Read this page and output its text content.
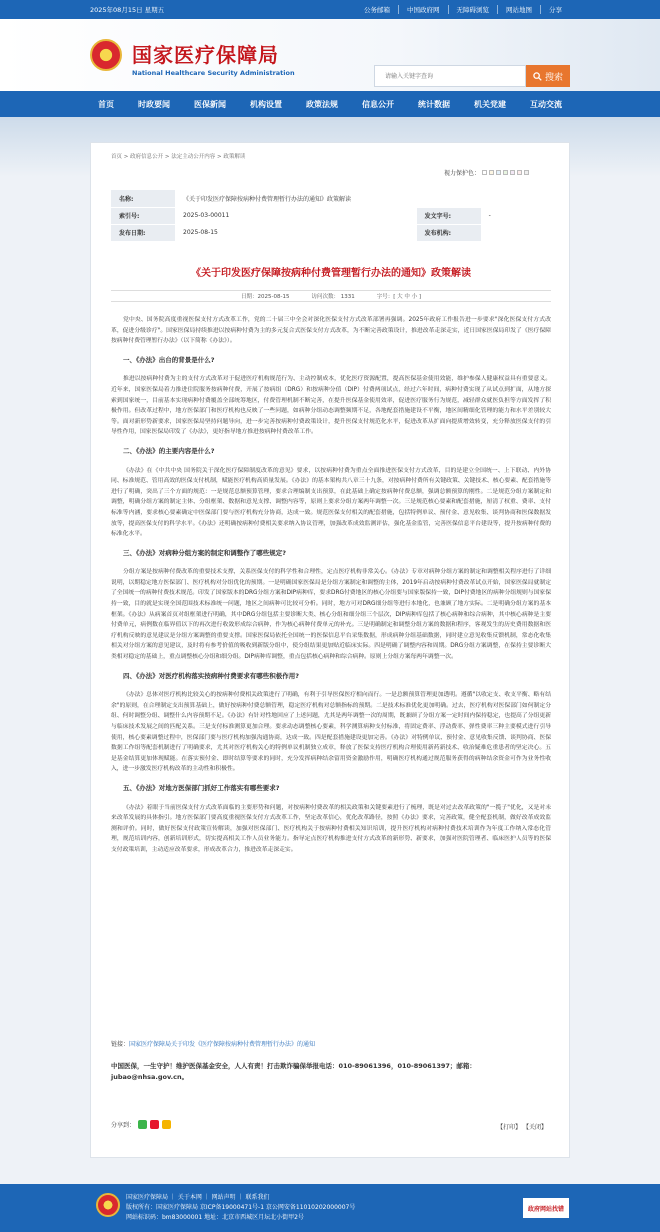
2025年08月15日 星期五	公务邮箱	中国政府网	无障碍浏览	网站地图	分享
国家医疗保障局
National Healthcare Security Administration
请输入关键字查询	搜索
首页	时政要闻	医保新闻	机构设置	政策法规	信息公开	统计数据	机关党建	互动交流
首页 > 政府信息公开 > 法定主动公开内容 > 政策解读
视力保护色：
名称:	《关于印发医疗保障按病种付费管理暂行办法的通知》政策解读		
索引号:	2025-03-00011	发文字号:	-
发布日期:	2025-08-15	发布机构:	
《关于印发医疗保障按病种付费管理暂行办法的通知》政策解读
日期：2025-08-15	访问次数： 1331	字号：[ 大 中 小 ]

党中央、国务院高度重视医保支付方式改革工作，党的二十届三中全会对深化医保支付方式改革部署再强调。2025年政府工作报告进一步要求"深化医保支付方式改革，促进分级诊疗"。国家医保局持续推进以按病种付费为主的多元复合式医保支付方式改革，为不断完善政策设计，推进改革走深走实，近日国家医保局印发了《医疗保障按病种付费管理暂行办法》（以下简称《办法》）。

一、《办法》出台的背景是什么?

推进以按病种付费为主的支付方式改革对于促进医疗机构规范行为、主动控制成本，优化医疗资源配置，提高医保基金使用效能，维护参保人健康权益具有重要意义。近年来，国家医保局着力推进住院服务按病种付费，开展了按病组（DRG）和按病种分值（DIP）付费两项试点，经过六年时间，病种付费实现了从试点到扩面，从地方探索到国家统一，目前基本实现病种付费覆盖全部统筹地区，付费管理机制不断完善，在提升医保基金使用效率，促进医疗服务行为规范，减轻群众就医负担等方面发挥了积极作用。但改革过程中，地方医保部门和医疗机构也反映了一些问题，如病种分组动态调整频期不足，各地配套措施建设不平衡，地区间精细化管理的能力和水平差别较大等。面对新形势新要求，国家医保局坚持问题导向，进一步完善按病种付费政策设计，提升医保支付规范化水平，促进改革从扩面向提质增效转变，充分释放医保支付的引导性作用，国家医保局印发了《办法》，更好指导地方推进按病种付费改革工作。

二、《办法》的主要内容是什么?

《办法》在《中共中央 国务院关于深化医疗保障制度改革的意见》要求，以按病种付费为重点全面推进医保支付方式改革，目的是建立全国统一、上下联动、内外协同、标准规范、管用高效的医保支付机制，赋能医疗机构高质量发展。《办法》的基本架构共八章三十九条，对按病种付费所有关键政策、关键技术、核心要素、配套措施等进行了明确，突出了三个方面的规范：一是规范总额预算管理，要求合理编制支出预算，在此基础上确定按病种付费总额，强调总额预算的刚性。二是规范分组方案制定和调整，明确分组方案的制定主体、分组框架、数据和意见支撑、调整内容等，原则上要求分组方案两年调整一次。三是规范核心要素和配套措施，厘清了权重、费率、支付标准等内涵，要求核心要素确定中医保部门要与医疗机构充分协商，达成一致。规范医保支付相关的配套措施，包括特例单议、预付金、意见收集、谈判协商和医保数据发放等，提高医保支付的科学水平。《办法》还明确按病种付费相关要求纳入协议管理，加强改革成效监测评估，强化基金监管，完善医保信息平台建设等，提升按病种付费的标准化水平。

三、《办法》对病种分组方案的制定和调整作了哪些规定?

分组方案是按病种付费改革的重要技术支撑，关系医保支付的科学性和合理性，定点医疗机构非常关心。《办法》专章对病种分组方案的制定和调整相关程序进行了详细说明，以期稳定地方医保部门、医疗机构对分组优化的预期。一是明确国家医保局是分组方案制定和调整的主体，2019年启动按病种付费改革试点开始，国家医保局就制定了全国统一的病种付费技术规范。印发了国家版本的DRG分组方案和DIP病种库，要求DRG付费地区的核心分组要与国家版保持一致，DIP付费地区的病种分组规则与国家保持一致，目的就是实现全国范围技术标准统一问题，地区之间病种可比较可分析。同时，地方可对DRG细分组等进行本地化，也兼顾了地方实际。二是明确分组方案的基本框架。《办法》从病案首页对组框架进行明确，其中DRG分组包括主要诊断大类、核心分组和细分组三个层次，DIP病种库包括了核心病种和综合病种，其中核心病种是主要付费单元，病例数在临界值以下的再次进行收敛形成综合病种，作为核心病种付费单元的补充。三是明确制定和调整分组方案的数据和程序，客观发生的历史费用数据和医疗机构反映的意见建议是分组方案调整的重要支撑。国家医保局依托全国统一的医保信息平台采集数据，形成病种分组基础数据，同时建立意见收集反馈机制，常态化收集相关对分组方案的意见建议，及时将有参考价值的吸收到新版分组中，使分组结果更加贴近临床实际。四是明确了调整内容和周期。DRG分组方案调整，在保持主要诊断大类相对稳定的基础上，重点调整核心分组和细分组。DIP病种库调整，重点包括核心病种和综合病种。原则上分组方案每两年调整一次。

四、《办法》对医疗机构落实按病种付费要求有哪些积极作用?

《办法》总体对医疗机构比较关心的按病种付费相关政策进行了明确，有利于引导医保医疗相向而行。一是总额预算管理更加透明。遵循"以收定支、收支平衡、略有结余"的原则，在合理制定支出预算基础上，做好按病种付费总额管理，稳定医疗机构对总额指标的预期。二是技术标准优化更加明确。过去，医疗机构对医保部门如何制定分组、何时调整分组、调整什么内容预期不足。《办法》有针对性地回应了上述问题，尤其是两年调整一次的周期，既兼顾了分组方案一定时间内保持稳定，也提高了分组更新与临床技术发展之间的匹配关系。三是支付标准测算更加合理。要求动态调整核心要素，科学测算病种支付标准，将固定费率、浮动费率、弹性费率三种主要模式进行引导使用，核心要素调整过程中，医保部门要与医疗机构加强沟通协商，达成一致。四是配套措施建设更加完善。《办法》对特例单议、预付金、意见收集反馈、谈判协商、医保数据工作组等配套机制进行了明确要求，尤其对医疗机构关心的特例单议机制独立成章，释放了医保支持医疗机构合理使用新药新技术、收治疑难危重患者的坚定决心。五是基金结算更加体现赋能。在落实预付金、即时结算等要求的同时，充分发挥病种结余留用资金激励作用，明确医疗机构通过规范服务获得的病种结余资金可作为业务性收入，进一步激发医疗机构改革的主动性和积极性。

五、《办法》对地方医保部门抓好工作落实有哪些要求?

《办法》着眼于当前医保支付方式改革面临的主要形势和问题，对按病种付费改革的相关政策和关键要素进行了梳理，既是对过去改革政策的"一揽子"优化，又是对未来改革发展的具体指引。地方医保部门要高度重视医保支付方式改革工作，坚定改革信心，优化改革路径，按照《办法》要求，完善政策，健全配套机制，做好改革成效监测和评价。同时，做好医保支付政策宣传解读，加强对医保部门、医疗机构关于按病种付费相关知识培训，提升医疗机构对病种付费技术培训作为年度工作纳入常态化管理，规范培训内容，创新培训形式，切实提高相关工作人员业务能力。指导定点医疗机构推进支付方式改革的新形势、新要求，加强对医院管理者、临床医护人员等的医保支付政策培训，主动适应改革要求，形成改革合力，推进改革走深走实。

链接：国家医疗保障局关于印发《医疗保障按病种付费管理暂行办法》的通知
中国医保，一生守护！维护医保基金安全，人人有责！打击欺诈骗保举报电话：010-89061396，010-89061397；邮箱：jubao@nhsa.gov.cn。
分享到：	【打印】 【关闭】
国家医疗保障局 ｜ 关于本网 ｜ 网站声明 ｜ 联系我们
版权所有：国家医疗保障局 京ICP备19000471号-1 京公网安备11010202000007号
网站标识码：bm83000001 地址：北京市西城区月坛北小街甲2号
政府网站找错
